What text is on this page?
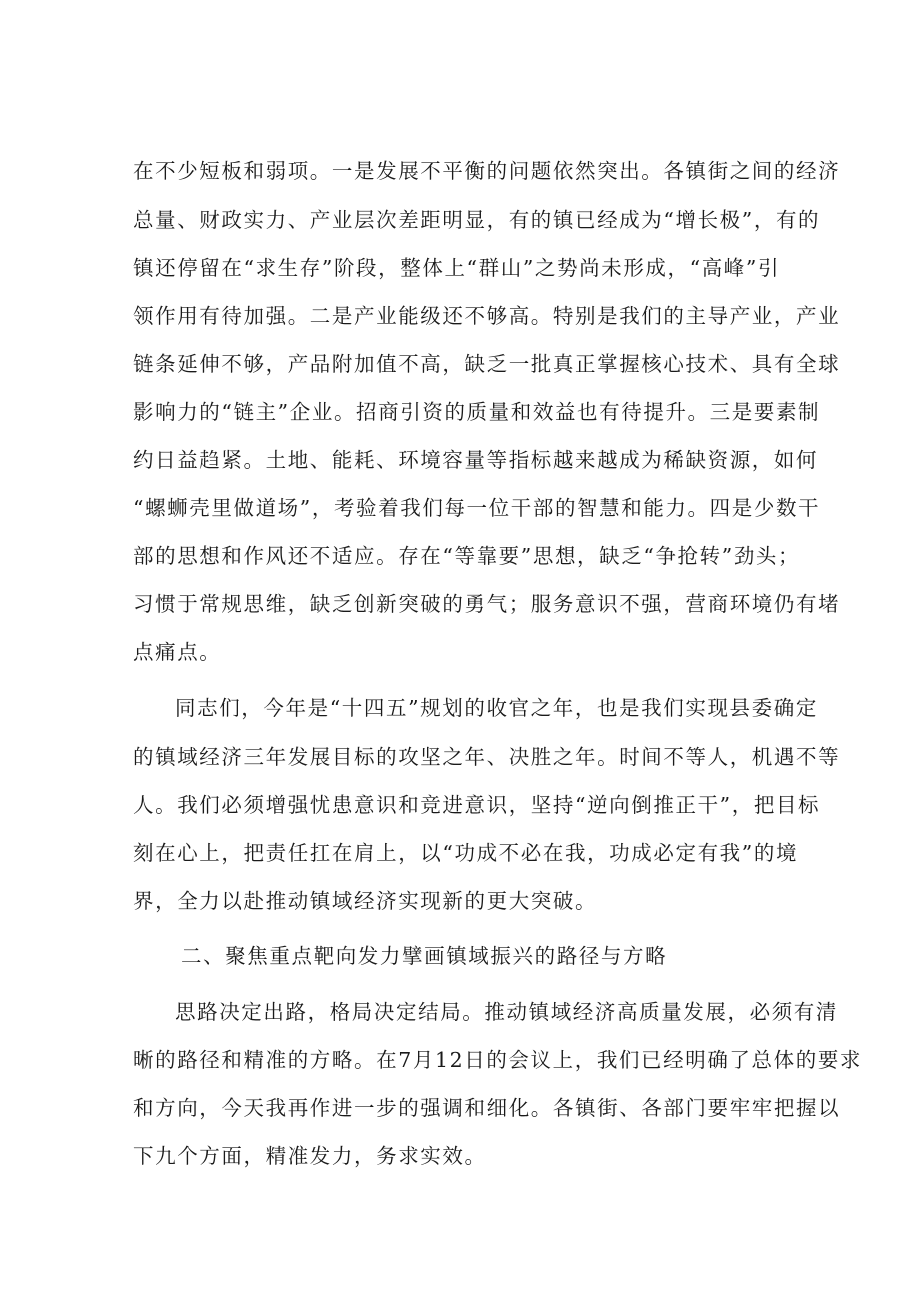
在不少短板和弱项。一是发展不平衡的问题依然突出。各镇街之间的经济
总量、财政实力、产业层次差距明显，有的镇已经成为“增长极”，有的
镇还停留在“求生存”阶段，整体上“群山”之势尚未形成，“高峰”引
领作用有待加强。二是产业能级还不够高。特别是我们的主导产业，产业
链条延伸不够，产品附加值不高，缺乏一批真正掌握核心技术、具有全球
影响力的“链主”企业。招商引资的质量和效益也有待提升。三是要素制
约日益趋紧。土地、能耗、环境容量等指标越来越成为稀缺资源，如何
“螺蛳壳里做道场”，考验着我们每一位干部的智慧和能力。四是少数干
部的思想和作风还不适应。存在“等靠要”思想，缺乏“争抢转”劲头；
习惯于常规思维，缺乏创新突破的勇气；服务意识不强，营商环境仍有堵
点痛点。
同志们，今年是“十四五”规划的收官之年，也是我们实现县委确定
的镇域经济三年发展目标的攻坚之年、决胜之年。时间不等人，机遇不等
人。我们必须增强忧患意识和竞进意识，坚持“逆向倒推正干”，把目标
刻在心上，把责任扛在肩上，以“功成不必在我，功成必定有我”的境
界，全力以赴推动镇域经济实现新的更大突破。
二、聚焦重点靶向发力擘画镇域振兴的路径与方略
思路决定出路，格局决定结局。推动镇域经济高质量发展，必须有清
晰的路径和精准的方略。在7月12日的会议上，我们已经明确了总体的要求
和方向，今天我再作进一步的强调和细化。各镇街、各部门要牢牢把握以
下九个方面，精准发力，务求实效。
